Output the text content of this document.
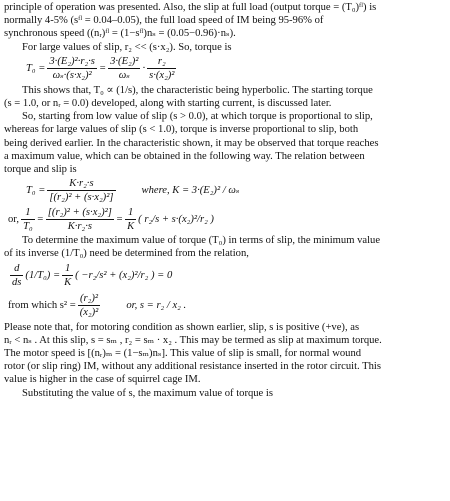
principle of operation was presented. Also, the slip at full load (output torque = (T₀)ᶠˡ) is

normally 4-5% (sᶠˡ = 0.04–0.05), the full load speed of IM being 95-96% of

synchronous speed ((nᵣ)ᶠˡ = (1−sᶠˡ)nₛ = (0.05−0.96)·nₛ).

For large values of slip, r₂ << (s·x₂). So, torque is

$T_0 = \frac{\text{3·(E₂)²·r₂·s}}{\text{ωₛ·(s·x₂)²}} = \frac{\text{3·(E₂)²}}{\text{ωₛ}} \cdot \frac{\text{r₂}}{\text{s·(x₂)²}}$

This shows that, T₀ ∝ (1/s), the characteristic being hyperbolic. The starting torque

(s = 1.0, or nᵣ = 0.0) developed, along with starting current, is discussed later.

So, starting from low value of slip (s > 0.0), at which torque is proportional to slip,

whereas for large values of slip (s < 1.0), torque is inverse proportional to slip, both

being derived earlier. In the characteristic shown, it may be observed that torque reaches

a maximum value, which can be obtained in the following way. The relation between

torque and slip is

$T_0 = \frac{\text{K·r₂·s}}{\text{[(r₂)² + (s·x₂)²]}}$ where, K = 3·(E₂)² / ωₛ
or, $\frac{1}{\text{T₀}} = \frac{\text{[(r₂)² + (s·x₂)²]}}{\text{K·r₂·s}} = \frac{1}{K}$ ( r₂/s + s·(x₂)²/r₂ )

To determine the maximum value of torque (T₀) in terms of slip, the minimum value

of its inverse (1/T₀) need be determined from the relation,

$\frac{d}{ds} (1/T_0) = \frac{1}{K}$ ( −r₂/s² + (x₂)²/r₂ ) = 0
from which $s^2 = \frac{\text{(r₂)²}}{\text{(x₂)²}}$ or, s = r₂ / x₂ .

Please note that, for motoring condition as shown earlier, slip, s is positive (+ve), as

nᵣ < nₛ . At this slip, s = sₘ , r₂ = sₘ · x₂ . This may be termed as slip at maximum torque.

The motor speed is [(nᵣ)ₘ = (1−sₘ)nₛ]. This value of slip is small, for normal wound

rotor (or slip ring) IM, without any additional resistance inserted in the rotor circuit. This

value is higher in the case of squirrel cage IM.

Substituting the value of s, the maximum value of torque is
